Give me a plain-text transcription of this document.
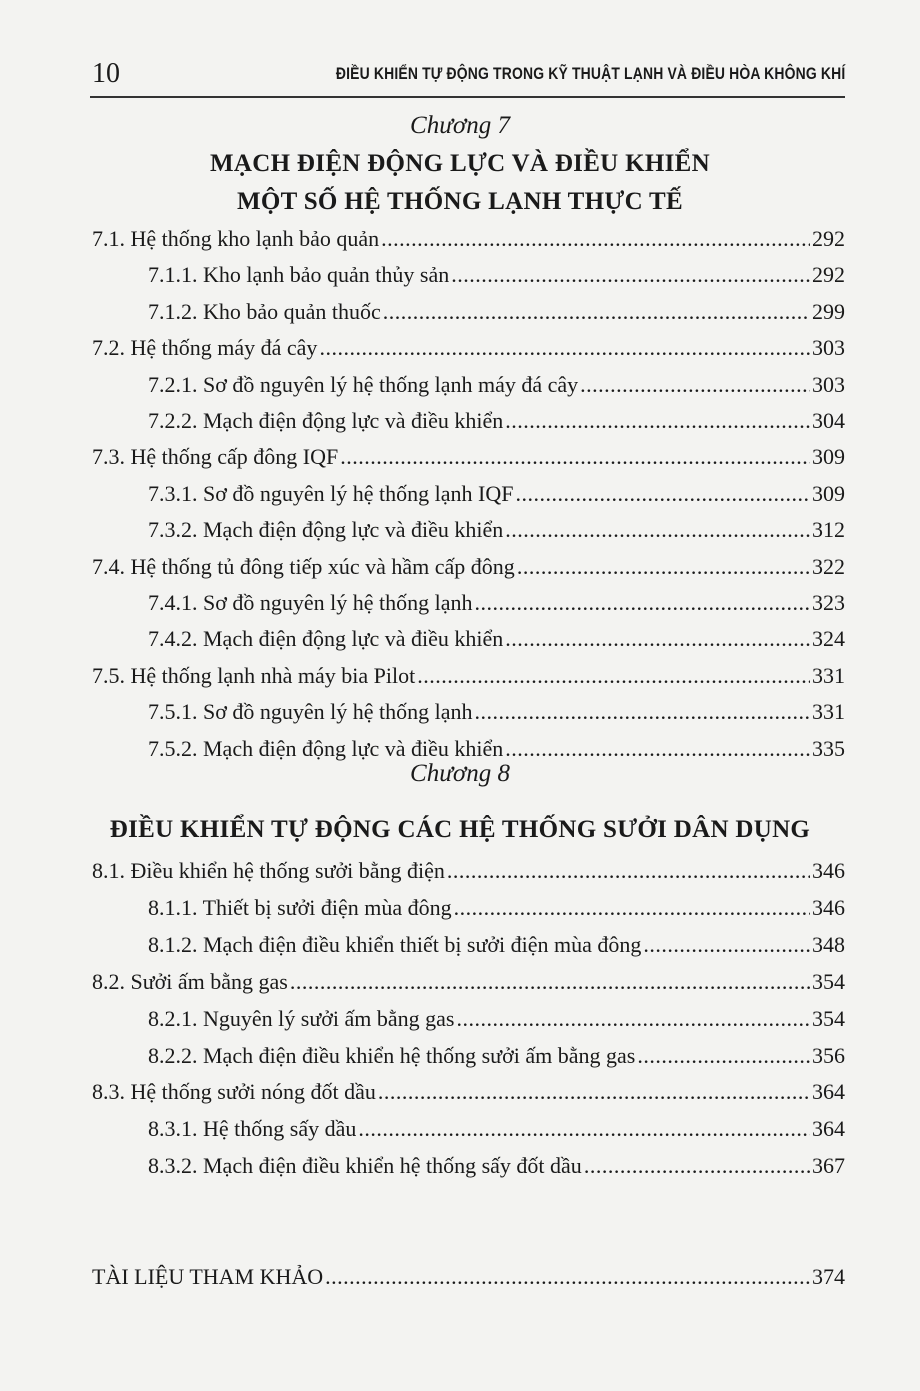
10	ĐIỀU KHIỂN TỰ ĐỘNG TRONG KỸ THUẬT LẠNH VÀ ĐIỀU HÒA KHÔNG KHÍ
Chương 7
MẠCH ĐIỆN ĐỘNG LỰC VÀ ĐIỀU KHIỂN
MỘT SỐ HỆ THỐNG LẠNH THỰC TẾ
7.1. Hệ thống kho lạnh bảo quản .....	292
7.1.1. Kho lạnh bảo quản thủy sản .....	292
7.1.2. Kho bảo quản thuốc .....	299
7.2. Hệ thống máy đá cây .....	303
7.2.1. Sơ đồ nguyên lý hệ thống lạnh máy đá cây .....	303
7.2.2. Mạch điện động lực và điều khiển .....	304
7.3. Hệ thống cấp đông IQF .....	309
7.3.1. Sơ đồ nguyên lý hệ thống lạnh IQF .....	309
7.3.2. Mạch điện động lực và điều khiển .....	312
7.4. Hệ thống tủ đông tiếp xúc và hầm cấp đông .....	322
7.4.1. Sơ đồ nguyên lý hệ thống lạnh .....	323
7.4.2. Mạch điện động lực và điều khiển .....	324
7.5. Hệ thống lạnh nhà máy bia Pilot .....	331
7.5.1. Sơ đồ nguyên lý hệ thống lạnh .....	331
7.5.2. Mạch điện động lực và điều khiển .....	335
Chương 8
ĐIỀU KHIỂN TỰ ĐỘNG CÁC HỆ THỐNG SƯỞI DÂN DỤNG
8.1. Điều khiển hệ thống sưởi bằng điện .....	346
8.1.1. Thiết bị sưởi điện mùa đông .....	346
8.1.2. Mạch điện điều khiển thiết bị sưởi điện mùa đông .....	348
8.2. Sưởi ấm bằng gas .....	354
8.2.1. Nguyên lý sưởi ấm bằng gas .....	354
8.2.2. Mạch điện điều khiển hệ thống sưởi ấm bằng gas .....	356
8.3. Hệ thống sưởi nóng đốt dầu .....	364
8.3.1. Hệ thống sấy dầu .....	364
8.3.2. Mạch điện điều khiển hệ thống sấy đốt dầu .....	367
TÀI LIỆU THAM KHẢO .....	374
